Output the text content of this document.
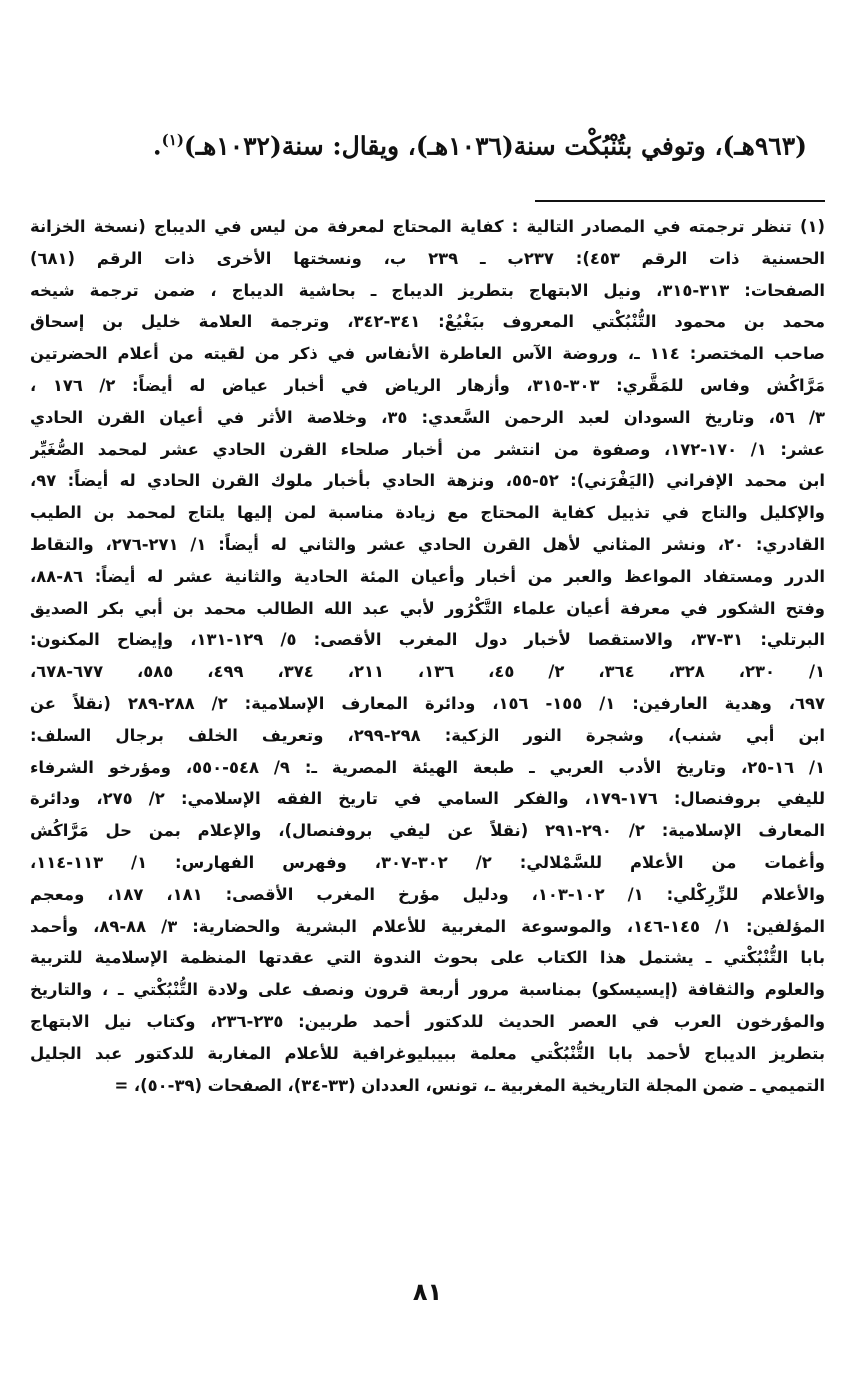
(٩٦٣هـ)، وتوفي بتُنْبُكْت سنة(١٠٣٦هـ)، ويقال: سنة(١٠٣٢هـ)$^{(١)}$.
(١) تنظر ترجمته في المصادر التالية : كفاية المحتاج لمعرفة من ليس في الديباج (نسخة الخزانة
الحسنية ذات الرقم ٤٥٣): ٢٣٧ب ـ ٢٣٩ ب، ونسختها الأخرى ذات الرقم (٦٨١)
الصفحات: ٣١٣-٣١٥، ونيل الابتهاج بتطريز الديباج ـ بحاشية الديباج ، ضمن ترجمة شيخه
محمد بن محمود التُّنْبُكْتي المعروف ببَغْيُعْ: ٣٤١-٣٤٢، وترجمة العلامة خليل بن إسحاق
صاحب المختصر: ١١٤ ـ، وروضة الآس العاطرة الأنفاس في ذكر من لقيته من أعلام الحضرتين
مَرَّاكُش وفاس للمَقَّري: ٣٠٣-٣١٥، وأزهار الرياض في أخبار عياض له أيضاً: ٢/ ١٧٦ ،
٣/ ٥٦، وتاريخ السودان لعبد الرحمن السَّعدي: ٣٥، وخلاصة الأثر في أعيان القرن الحادي
عشر: ١/ ١٧٠-١٧٢، وصفوة من انتشر من أخبار صلحاء القرن الحادي عشر لمحمد الصُّغَيِّر
ابن محمد الإفراني (اليَفْرَني): ٥٢-٥٥، ونزهة الحادي بأخبار ملوك القرن الحادي له أيضاً: ٩٧،
والإكليل والتاج في تذييل كفاية المحتاج مع زيادة مناسبة لمن إليها يلتاج لمحمد بن الطيب
القادري: ٢٠، ونشر المثاني لأهل القرن الحادي عشر والثاني له أيضاً: ١/ ٢٧١-٢٧٦، والتقاط
الدرر ومستفاد المواعظ والعبر من أخبار وأعيان المئة الحادية والثانية عشر له أيضاً: ٨٦-٨٨،
وفتح الشكور في معرفة أعيان علماء التَّكْرُور لأبي عبد الله الطالب محمد بن أبي بكر الصديق
البرتلي: ٣١-٣٧، والاستقصا لأخبار دول المغرب الأقصى: ٥/ ١٢٩-١٣١، وإيضاح المكنون:
١/ ٢٣٠، ٣٢٨، ٣٦٤، ٢/ ٤٥، ١٣٦، ٢١١، ٣٧٤، ٤٩٩، ٥٨٥، ٦٧٧-٦٧٨،
٦٩٧، وهدية العارفين: ١/ ١٥٥- ١٥٦، ودائرة المعارف الإسلامية: ٢/ ٢٨٨-٢٨٩ (نقلاً عن
ابن أبي شنب)، وشجرة النور الزكية: ٢٩٨-٢٩٩، وتعريف الخلف برجال السلف:
١/ ١٦-٢٥، وتاريخ الأدب العربي ـ طبعة الهيئة المصرية ـ: ٩/ ٥٤٨-٥٥٠، ومؤرخو الشرفاء
لليفي بروفنصال: ١٧٦-١٧٩، والفكر السامي في تاريخ الفقه الإسلامي: ٢/ ٢٧٥، ودائرة
المعارف الإسلامية: ٢/ ٢٩٠-٢٩١ (نقلاً عن ليفي بروفنصال)، والإعلام بمن حل مَرَّاكُش
وأغمات من الأعلام للسَّمْلالي: ٢/ ٣٠٢-٣٠٧، وفهرس الفهارس: ١/ ١١٣-١١٤،
والأعلام للزِّرِكْلي: ١/ ١٠٢-١٠٣، ودليل مؤرخ المغرب الأقصى: ١٨١، ١٨٧، ومعجم
المؤلفين: ١/ ١٤٥-١٤٦، والموسوعة المغربية للأعلام البشرية والحضارية: ٣/ ٨٨-٨٩، وأحمد
بابا التُّنْبُكْتي ـ يشتمل هذا الكتاب على بحوث الندوة التي عقدتها المنظمة الإسلامية للتربية
والعلوم والثقافة (إيسيسكو) بمناسبة مرور أربعة قرون ونصف على ولادة التُّنْبُكْتي ـ ، والتاريخ
والمؤرخون العرب في العصر الحديث للدكتور أحمد طربين: ٢٣٥-٢٣٦، وكتاب نيل الابتهاج
بتطريز الديباج لأحمد بابا التُّنْبُكْتي معلمة ببيبليوغرافية للأعلام المغاربة للدكتور عبد الجليل
التميمي ـ ضمن المجلة التاريخية المغربية ـ، تونس، العددان (٣٣-٣٤)، الصفحات (٣٩-٥٠)، =
٨١
